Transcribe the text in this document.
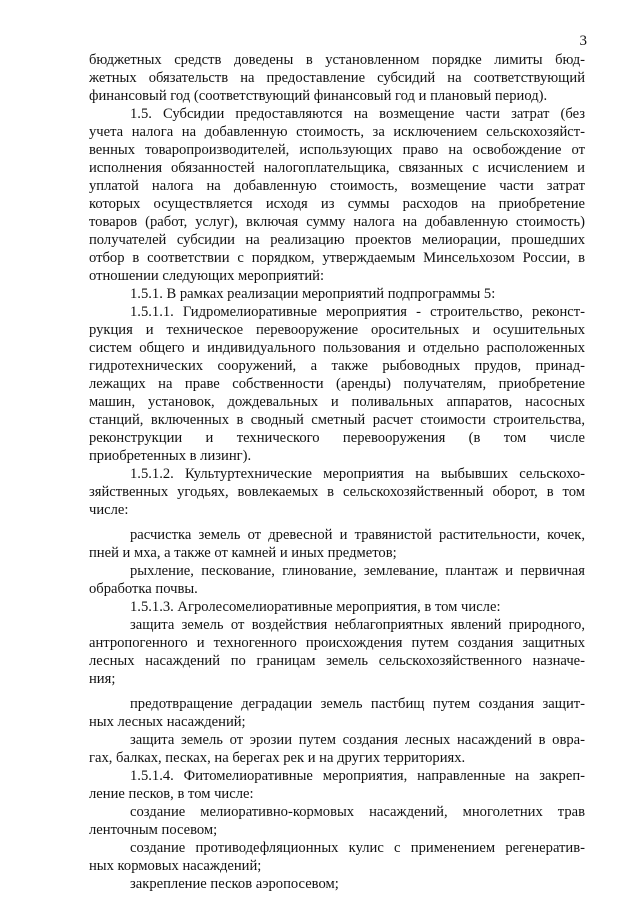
3
бюджетных средств доведены в установленном порядке лимиты бюд-
жетных обязательств на предоставление субсидий на соответствующий
финансовый год (соответствующий финансовый год и плановый период).
1.5. Субсидии предоставляются на возмещение части затрат (без
учета налога на добавленную стоимость, за исключением сельскохозяйст-
венных товаропроизводителей, использующих право на освобождение от
исполнения обязанностей налогоплательщика, связанных с исчислением и
уплатой налога на добавленную стоимость, возмещение части затрат
которых осуществляется исходя из суммы расходов на приобретение
товаров (работ, услуг), включая сумму налога на добавленную стоимость)
получателей субсидии на реализацию проектов мелиорации, прошедших
отбор в соответствии с порядком, утверждаемым Минсельхозом России, в
отношении следующих мероприятий:
1.5.1. В рамках реализации мероприятий подпрограммы 5:
1.5.1.1. Гидромелиоративные мероприятия - строительство, реконст-
рукция и техническое перевооружение оросительных и осушительных
систем общего и индивидуального пользования и отдельно расположенных
гидротехнических сооружений, а также рыбоводных прудов, принад-
лежащих на праве собственности (аренды) получателям, приобретение
машин, установок, дождевальных и поливальных аппаратов, насосных
станций, включенных в сводный сметный расчет стоимости строительства,
реконструкции и технического перевооружения (в том числе
приобретенных в лизинг).
1.5.1.2. Культуртехнические мероприятия на выбывших сельскохо-
зяйственных угодьях, вовлекаемых в сельскохозяйственный оборот, в том
числе:
расчистка земель от древесной и травянистой растительности, кочек,
пней и мха, а также от камней и иных предметов;
рыхление, пескование, глинование, землевание, плантаж и первичная
обработка почвы.
1.5.1.3. Агролесомелиоративные мероприятия, в том числе:
защита земель от воздействия неблагоприятных явлений природного,
антропогенного и техногенного происхождения путем создания защитных
лесных насаждений по границам земель сельскохозяйственного назначе-
ния;
предотвращение деградации земель пастбищ путем создания защит-
ных лесных насаждений;
защита земель от эрозии путем создания лесных насаждений в овра-
гах, балках, песках, на берегах рек и на других территориях.
1.5.1.4. Фитомелиоративные мероприятия, направленные на закреп-
ление песков, в том числе:
создание мелиоративно-кормовых насаждений, многолетних трав
ленточным посевом;
создание противодефляционных кулис с применением регенератив-
ных кормовых насаждений;
закрепление песков аэропосевом;
